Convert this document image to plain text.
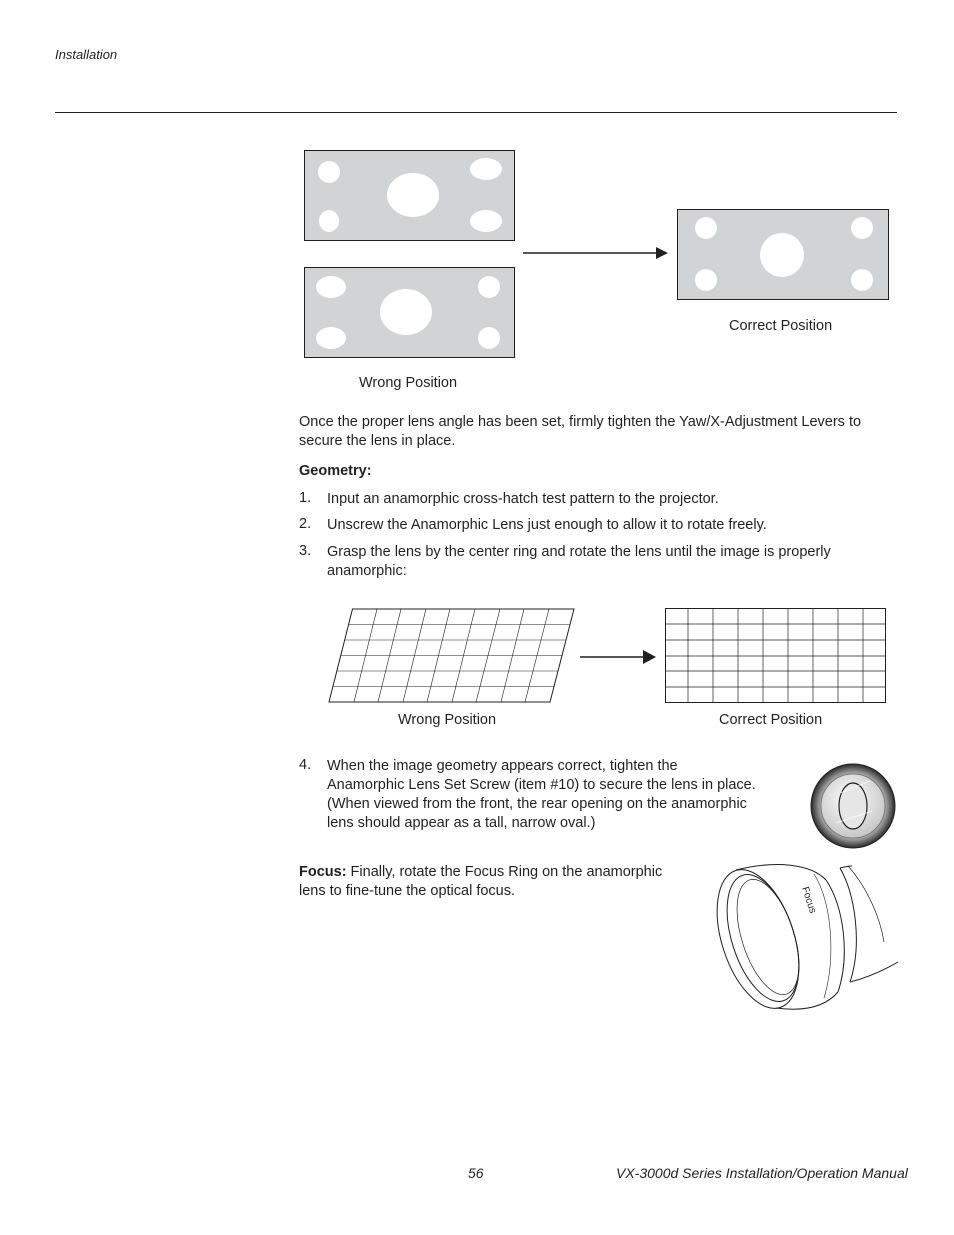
Installation
Correct Position
Wrong Position
Once the proper lens angle has been set, firmly tighten the Yaw/X-Adjustment Levers to
secure the lens in place.
Geometry:
1. Input an anamorphic cross-hatch test pattern to the projector.
2. Unscrew the Anamorphic Lens just enough to allow it to rotate freely.
3. Grasp the lens by the center ring and rotate the lens until the image is properly
anamorphic:
Wrong Position	Correct Position
4. When the image geometry appears correct, tighten the
Anamorphic Lens Set Screw (item #10) to secure the lens in place.
(When viewed from the front, the rear opening on the anamorphic
lens should appear as a tall, narrow oval.)
Focus: Finally, rotate the Focus Ring on the anamorphic
lens to fine-tune the optical focus.	Focus
56	VX-3000d Series Installation/Operation Manual
